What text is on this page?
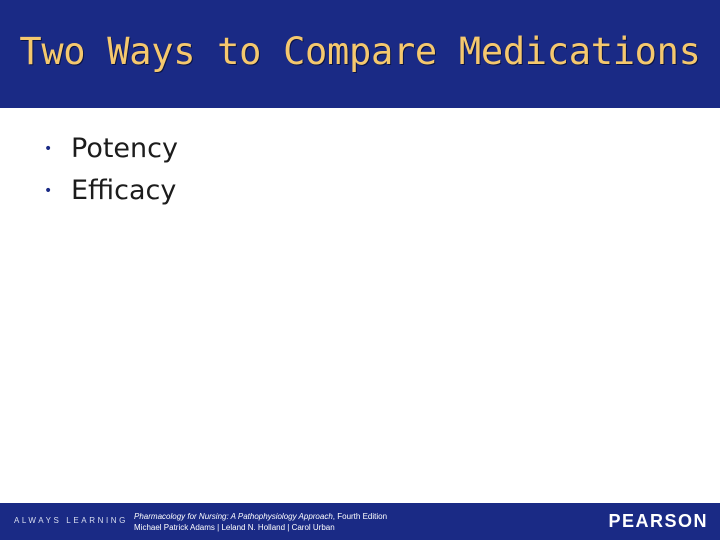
Two Ways to Compare Medications
• Potency
• Efficacy
ALWAYS LEARNING Pharmacology for Nursing: A Pathophysiology Approach, Fourth Edition
Michael Patrick Adams | Leland N. Holland | Carol Urban	PEARSON
